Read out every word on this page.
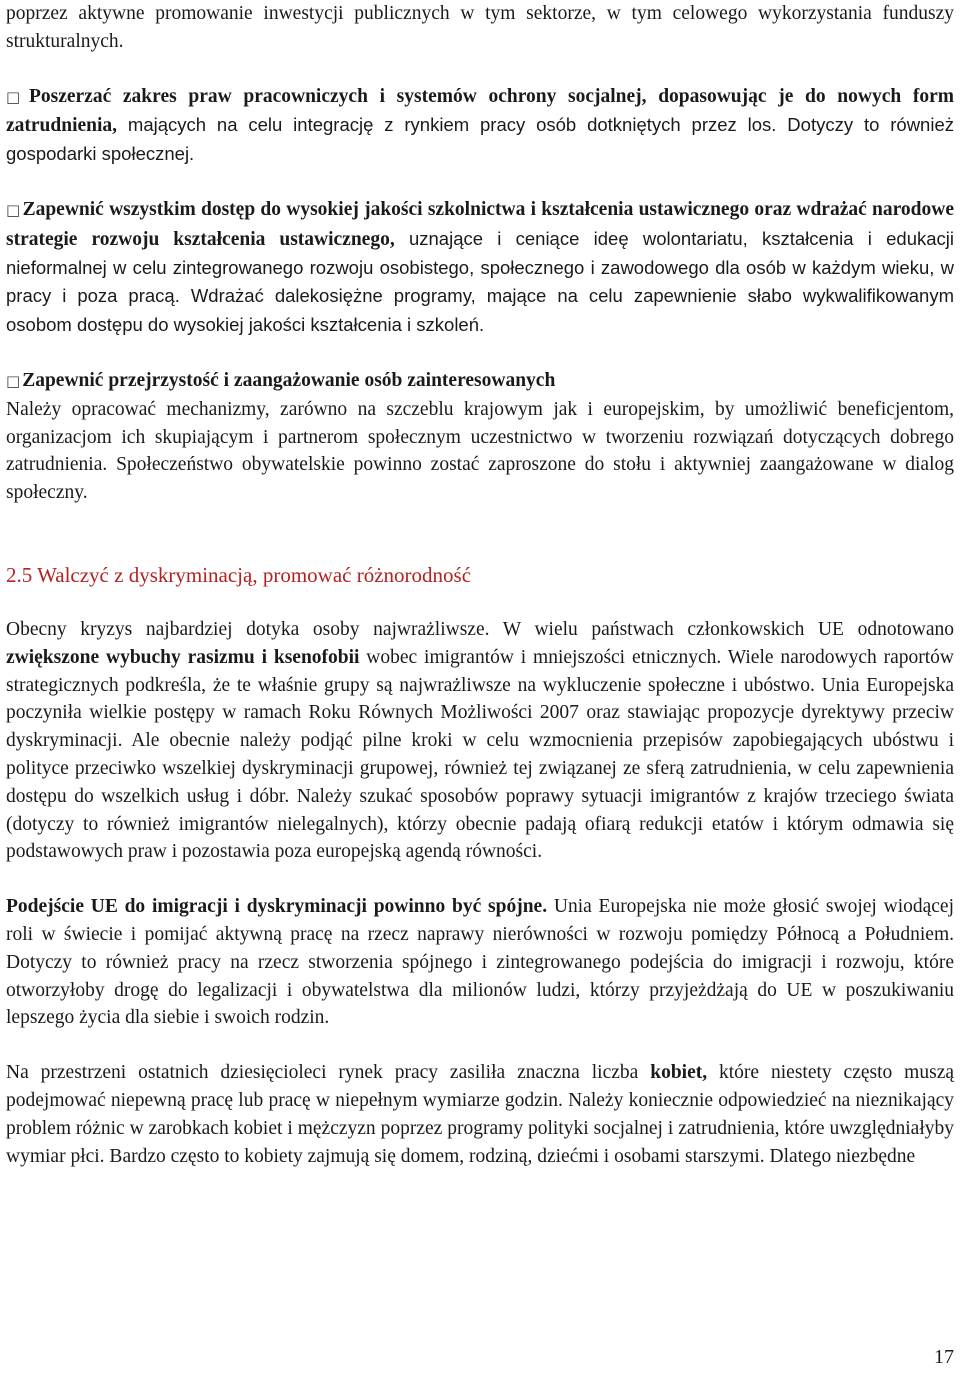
poprzez aktywne promowanie inwestycji publicznych w tym sektorze, w tym celowego wykorzystania funduszy strukturalnych.

□ Poszerzać zakres praw pracowniczych i systemów ochrony socjalnej, dopasowując je do nowych form zatrudnienia, mających na celu integrację z rynkiem pracy osób dotkniętych przez los. Dotyczy to również gospodarki społecznej.

□ Zapewnić wszystkim dostęp do wysokiej jakości szkolnictwa i kształcenia ustawicznego oraz wdrażać narodowe strategie rozwoju kształcenia ustawicznego, uznające i ceniące ideę wolontariatu, kształcenia i edukacji nieformalnej w celu zintegrowanego rozwoju osobistego, społecznego i zawodowego dla osób w każdym wieku, w pracy i poza pracą. Wdrażać dalekosiężne programy, mające na celu zapewnienie słabo wykwalifikowanym osobom dostępu do wysokiej jakości kształcenia i szkoleń.

□ Zapewnić przejrzystość i zaangażowanie osób zainteresowanych
Należy opracować mechanizmy, zarówno na szczeblu krajowym jak i europejskim, by umożliwić beneficjentom, organizacjom ich skupiającym i partnerom społecznym uczestnictwo w tworzeniu rozwiązań dotyczących dobrego zatrudnienia. Społeczeństwo obywatelskie powinno zostać zaproszone do stołu i aktywniej zaangażowane w dialog społeczny.

2.5 Walczyć z dyskryminacją, promować różnorodność

Obecny kryzys najbardziej dotyka osoby najwrażliwsze. W wielu państwach członkowskich UE odnotowano zwiększone wybuchy rasizmu i ksenofobii wobec imigrantów i mniejszości etnicznych. Wiele narodowych raportów strategicznych podkreśla, że te właśnie grupy są najwrażliwsze na wykluczenie społeczne i ubóstwo. Unia Europejska poczyniła wielkie postępy w ramach Roku Równych Możliwości 2007 oraz stawiając propozycje dyrektywy przeciw dyskryminacji. Ale obecnie należy podjąć pilne kroki w celu wzmocnienia przepisów zapobiegających ubóstwu i polityce przeciwko wszelkiej dyskryminacji grupowej, również tej związanej ze sferą zatrudnienia, w celu zapewnienia dostępu do wszelkich usług i dóbr. Należy szukać sposobów poprawy sytuacji imigrantów z krajów trzeciego świata (dotyczy to również imigrantów nielegalnych), którzy obecnie padają ofiarą redukcji etatów i którym odmawia się podstawowych praw i pozostawia poza europejską agendą równości.

Podejście UE do imigracji i dyskryminacji powinno być spójne. Unia Europejska nie może głosić swojej wiodącej roli w świecie i pomijać aktywną pracę na rzecz naprawy nierówności w rozwoju pomiędzy Północą a Południem. Dotyczy to również pracy na rzecz stworzenia spójnego i zintegrowanego podejścia do imigracji i rozwoju, które otworzyłoby drogę do legalizacji i obywatelstwa dla milionów ludzi, którzy przyjeżdżają do UE w poszukiwaniu lepszego życia dla siebie i swoich rodzin.

Na przestrzeni ostatnich dziesięcioleci rynek pracy zasiliła znaczna liczba kobiet, które niestety często muszą podejmować niepewną pracę lub pracę w niepełnym wymiarze godzin. Należy koniecznie odpowiedzieć na nieznikający problem różnic w zarobkach kobiet i mężczyzn poprzez programy polityki socjalnej i zatrudnienia, które uwzględniałyby wymiar płci. Bardzo często to kobiety zajmują się domem, rodziną, dziećmi i osobami starszymi. Dlatego niezbędne

17
